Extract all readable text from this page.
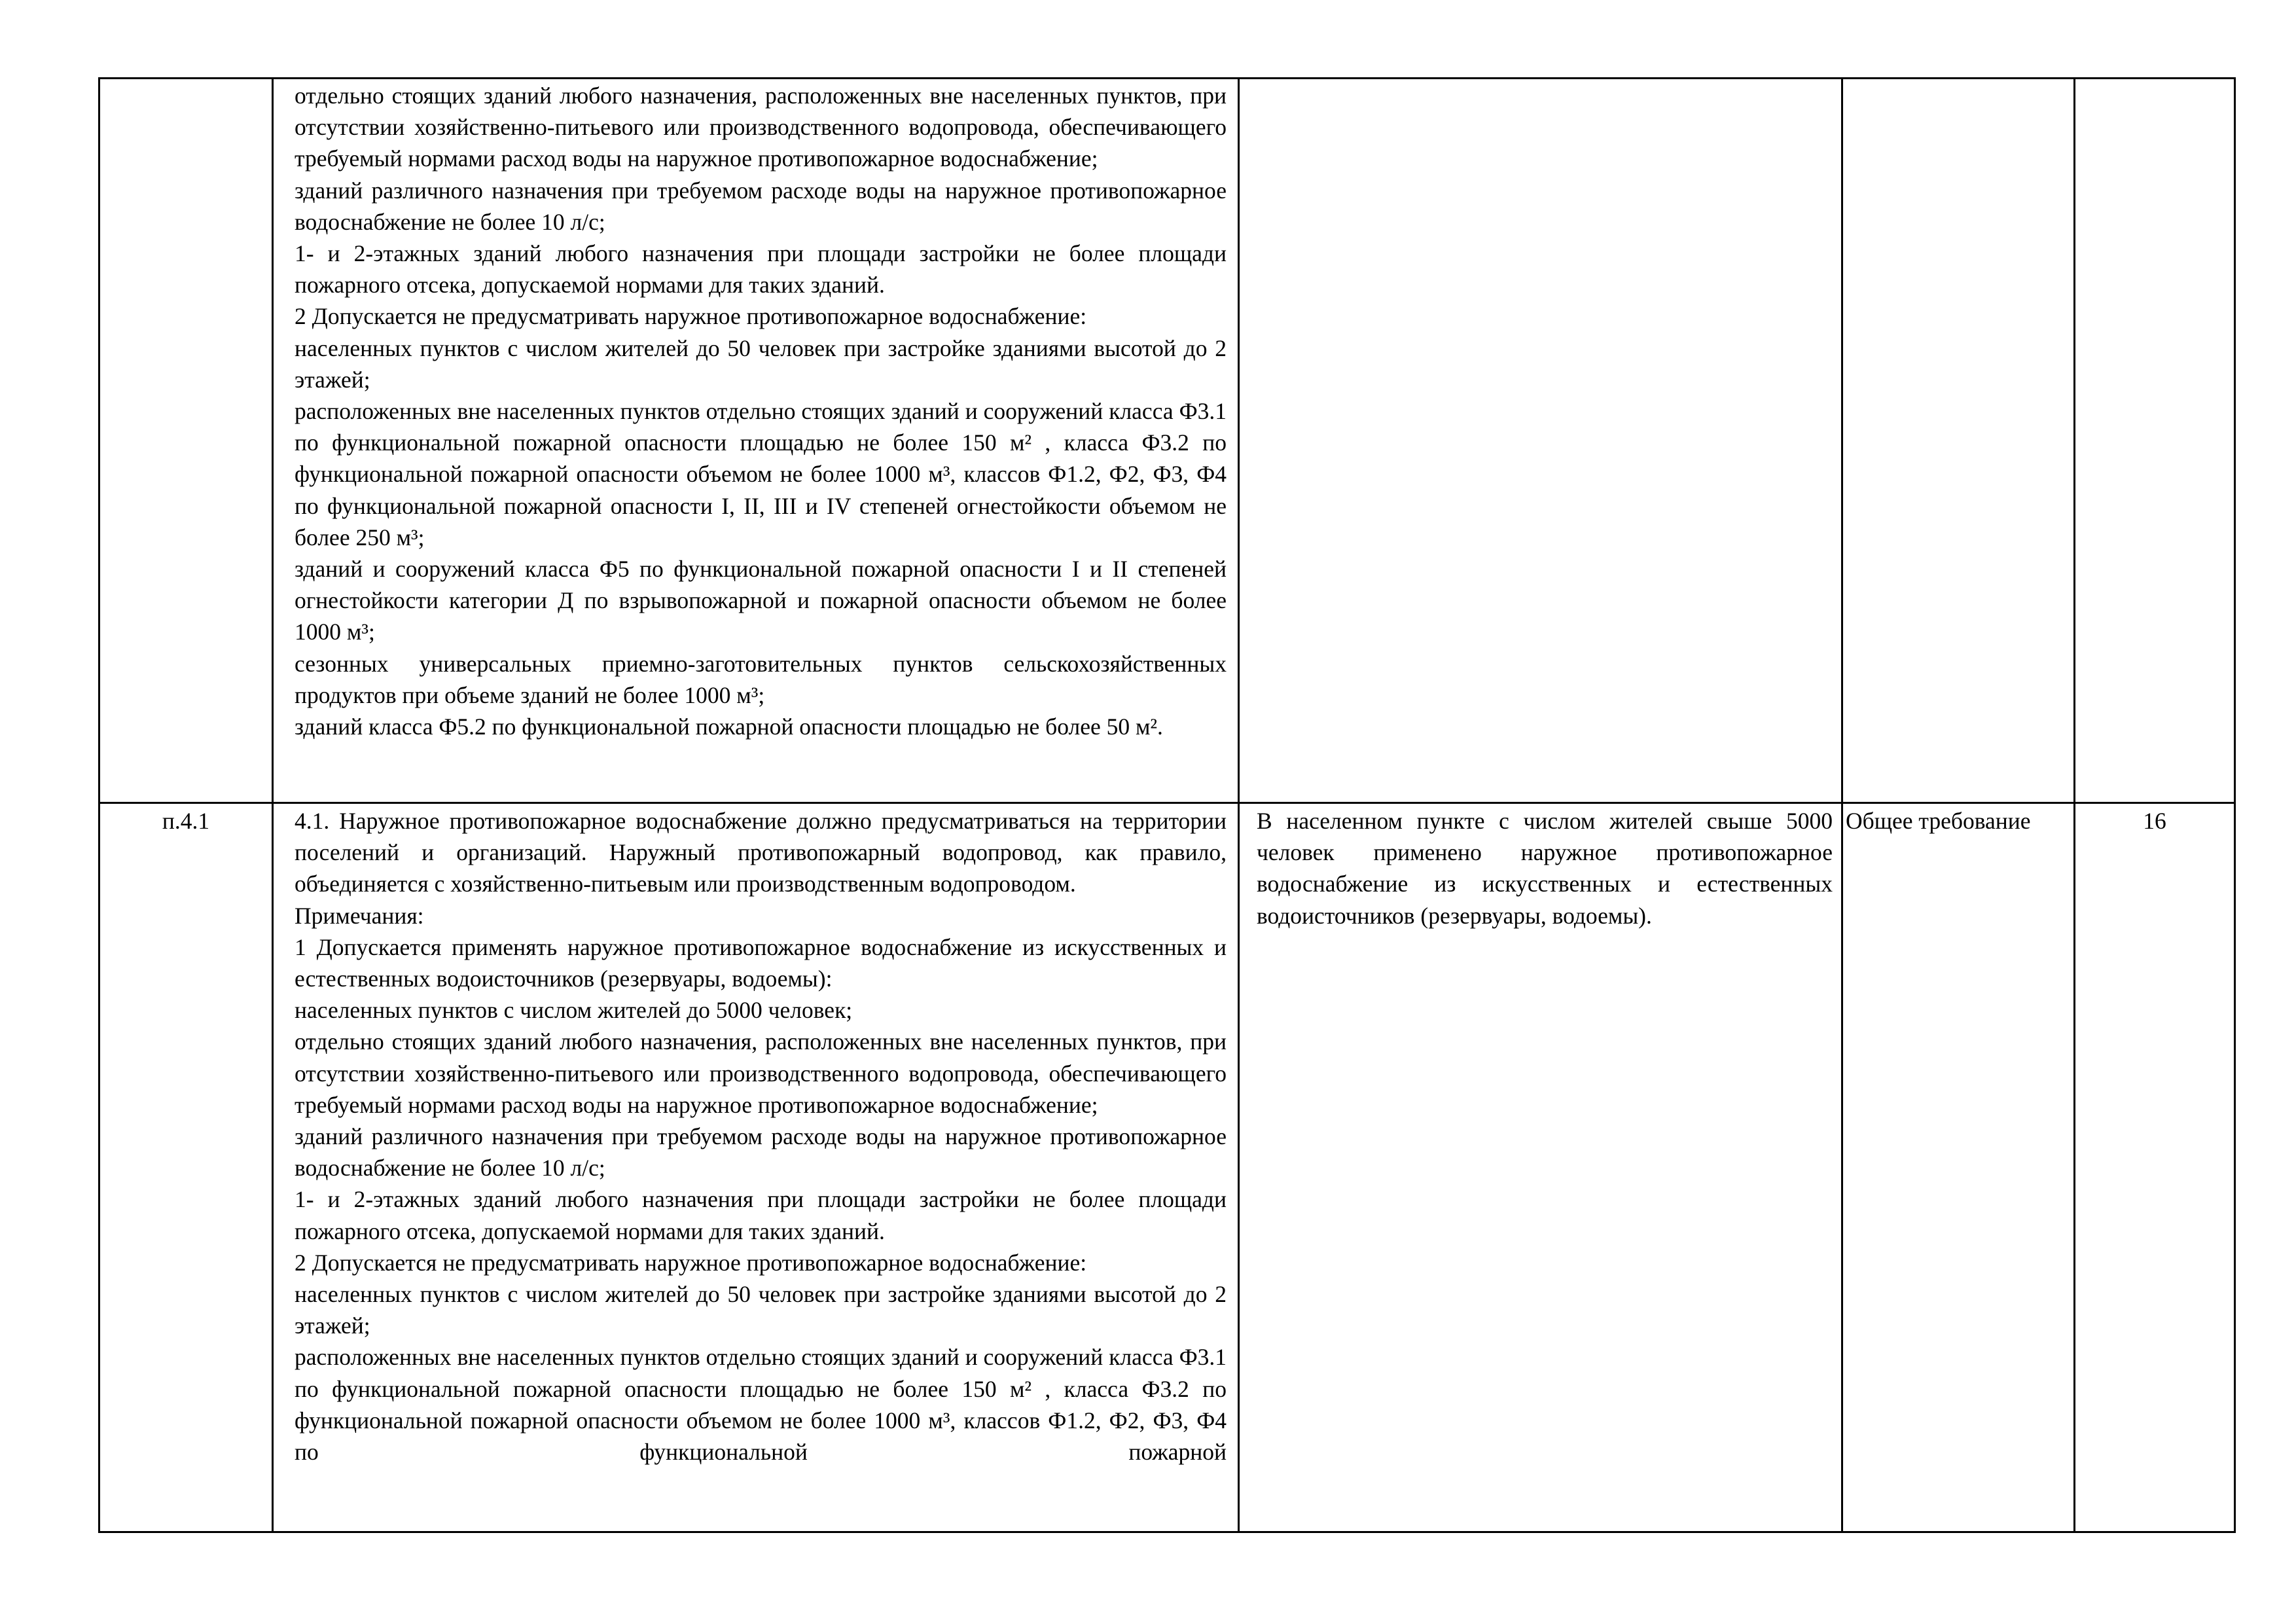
отдельно стоящих зданий любого назначения, расположенных вне населенных пунктов, при отсутствии хозяйственно-питьевого или производственного водопровода, обеспечивающего требуемый нормами расход воды на наружное противопожарное водоснабжение;

зданий различного назначения при требуемом расходе воды на наружное противопожарное водоснабжение не более 10 л/с;

1- и 2-этажных зданий любого назначения при площади застройки не более площади пожарного отсека, допускаемой нормами для таких зданий.

2 Допускается не предусматривать наружное противопожарное водоснабжение:

населенных пунктов с числом жителей до 50 человек при застройке зданиями высотой до 2 этажей;

расположенных вне населенных пунктов отдельно стоящих зданий и сооружений класса Ф3.1 по функциональной пожарной опасности площадью не более 150 м² , класса Ф3.2 по функциональной пожарной опасности объемом не более 1000 м³, классов Ф1.2, Ф2, Ф3, Ф4 по функциональной пожарной опасности I, II, III и IV степеней огнестойкости объемом не более 250 м³;

зданий и сооружений класса Ф5 по функциональной пожарной опасности I и II степеней огнестойкости категории Д по взрывопожарной и пожарной опасности объемом не более 1000 м³;

сезонных универсальных приемно-заготовительных пунктов сельскохозяйственных продуктов при объеме зданий не более 1000 м³;

зданий класса Ф5.2 по функциональной пожарной опасности площадью не более 50 м².

п.4.1	4.1. Наружное противопожарное водоснабжение должно предусматриваться на территории поселений и организаций. Наружный противопожарный водопровод, как правило, объединяется с хозяйственно-питьевым или производственным водопроводом.

Примечания:

1 Допускается применять наружное противопожарное водоснабжение из искусственных и естественных водоисточников (резервуары, водоемы):

населенных пунктов с числом жителей до 5000 человек;

отдельно стоящих зданий любого назначения, расположенных вне населенных пунктов, при отсутствии хозяйственно-питьевого или производственного водопровода, обеспечивающего требуемый нормами расход воды на наружное противопожарное водоснабжение;

зданий различного назначения при требуемом расходе воды на наружное противопожарное водоснабжение не более 10 л/с;

1- и 2-этажных зданий любого назначения при площади застройки не более площади пожарного отсека, допускаемой нормами для таких зданий.

2 Допускается не предусматривать наружное противопожарное водоснабжение:

населенных пунктов с числом жителей до 50 человек при застройке зданиями высотой до 2 этажей;

расположенных вне населенных пунктов отдельно стоящих зданий и сооружений класса Ф3.1 по функциональной пожарной опасности площадью не более 150 м² , класса Ф3.2 по функциональной пожарной опасности объемом не более 1000 м³, классов Ф1.2, Ф2, Ф3, Ф4 по функциональной пожарной

В населенном пункте с числом жителей свыше 5000 человек применено наружное противопожарное водоснабжение из искусственных и естественных водоисточников (резервуары, водоемы).

Общее требование	16
